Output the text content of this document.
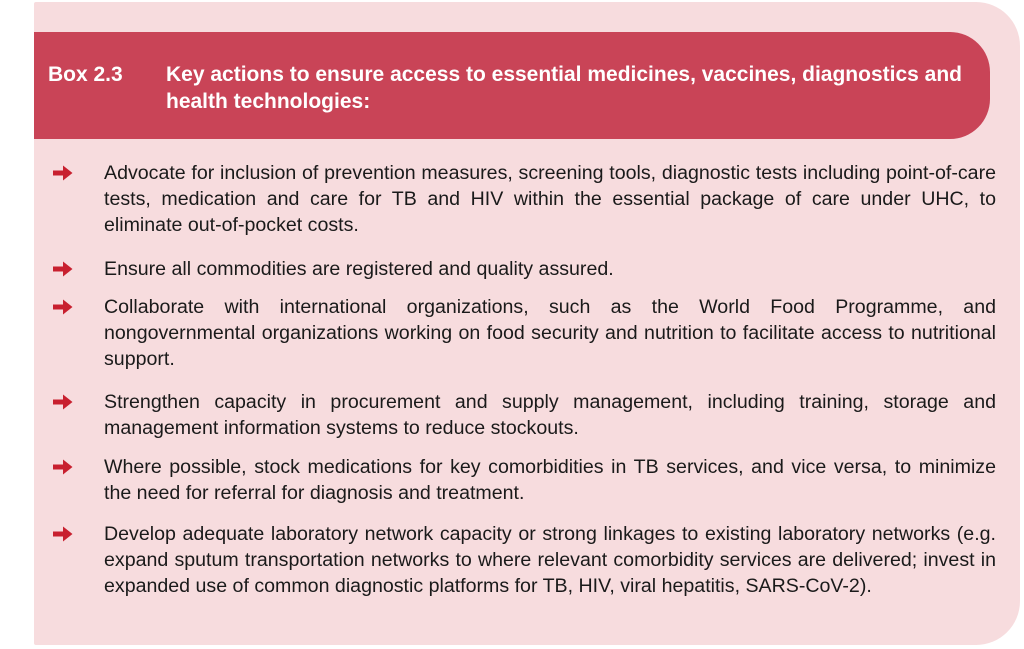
Box 2.3 Key actions to ensure access to essential medicines, vaccines, diagnostics and health technologies:
Advocate for inclusion of prevention measures, screening tools, diagnostic tests including point-of-care tests, medication and care for TB and HIV within the essential package of care under UHC, to eliminate out-of-pocket costs.
Ensure all commodities are registered and quality assured.
Collaborate with international organizations, such as the World Food Programme, and nongovernmental organizations working on food security and nutrition to facilitate access to nutritional support.
Strengthen capacity in procurement and supply management, including training, storage and management information systems to reduce stockouts.
Where possible, stock medications for key comorbidities in TB services, and vice versa, to minimize the need for referral for diagnosis and treatment.
Develop adequate laboratory network capacity or strong linkages to existing laboratory networks (e.g. expand sputum transportation networks to where relevant comorbidity services are delivered; invest in expanded use of common diagnostic platforms for TB, HIV, viral hepatitis, SARS-CoV-2).
